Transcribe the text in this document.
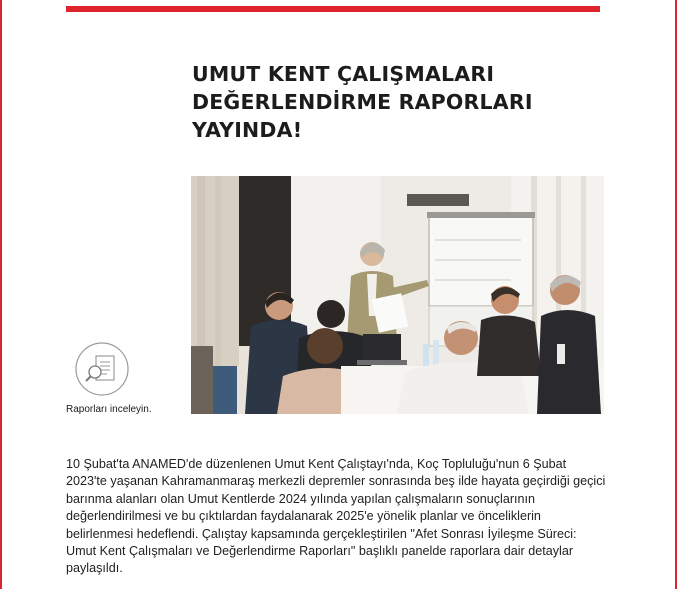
UMUT KENT ÇALIŞMALARI
DEĞERLENDİRME RAPORLARI
YAYINDA!
Raporları inceleyin.

10 Şubat'ta ANAMED'de düzenlenen Umut Kent Çalıştayı'nda, Koç Topluluğu'nun 6 Şubat 2023'te yaşanan Kahramanmaraş merkezli depremler sonrasında beş ilde hayata geçirdiği geçici barınma alanları olan Umut Kentlerde 2024 yılında yapılan çalışmaların sonuçlarının değerlendirilmesi ve bu çıktılardan faydalanarak 2025'e yönelik planlar ve önceliklerin belirlenmesi hedeflendi. Çalıştay kapsamında gerçekleştirilen "Afet Sonrası İyileşme Süreci: Umut Kent Çalışmaları ve Değerlendirme Raporları" başlıklı panelde raporlara dair detaylar paylaşıldı.
